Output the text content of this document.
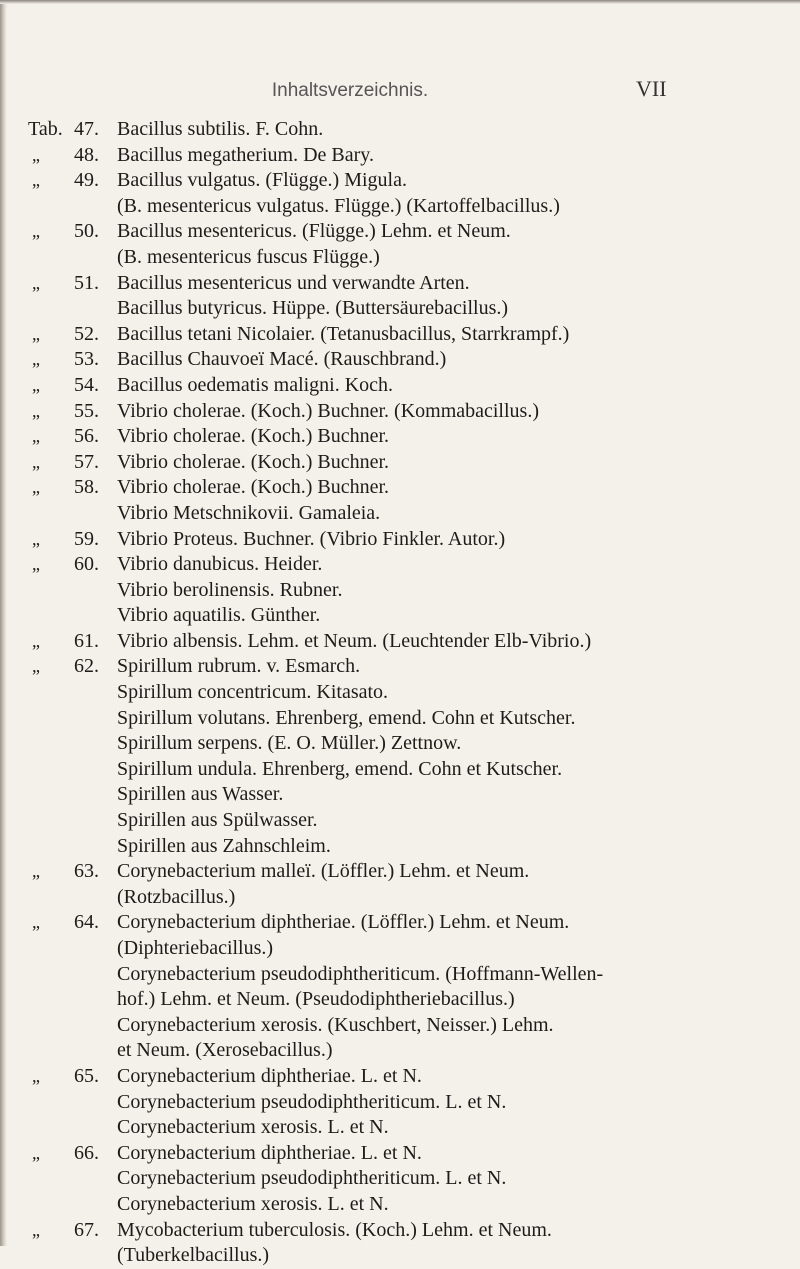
Inhaltsverzeichnis.	VII
Tab. 47. Bacillus subtilis. F. Cohn.
„ 48. Bacillus megatherium. De Bary.
„ 49. Bacillus vulgatus. (Flügge.) Migula.
(B. mesentericus vulgatus. Flügge.) (Kartoffelbacillus.)
„ 50. Bacillus mesentericus. (Flügge.) Lehm. et Neum.
(B. mesentericus fuscus Flügge.)
„ 51. Bacillus mesentericus und verwandte Arten.
Bacillus butyricus. Hüppe. (Buttersäurebacillus.)
„ 52. Bacillus tetani Nicolaier. (Tetanusbacillus, Starrkrampf.)
„ 53. Bacillus Chauvoeï Macé. (Rauschbrand.)
„ 54. Bacillus oedematis maligni. Koch.
„ 55. Vibrio cholerae. (Koch.) Buchner. (Kommabacillus.)
„ 56. Vibrio cholerae. (Koch.) Buchner.
„ 57. Vibrio cholerae. (Koch.) Buchner.
„ 58. Vibrio cholerae. (Koch.) Buchner.
Vibrio Metschnikovii. Gamaleia.
„ 59. Vibrio Proteus. Buchner. (Vibrio Finkler. Autor.)
„ 60. Vibrio danubicus. Heider.
Vibrio berolinensis. Rubner.
Vibrio aquatilis. Günther.
„ 61. Vibrio albensis. Lehm. et Neum. (Leuchtender Elb-Vibrio.)
„ 62. Spirillum rubrum. v. Esmarch.
Spirillum concentricum. Kitasato.
Spirillum volutans. Ehrenberg, emend. Cohn et Kutscher.
Spirillum serpens. (E. O. Müller.) Zettnow.
Spirillum undula. Ehrenberg, emend. Cohn et Kutscher.
Spirillen aus Wasser.
Spirillen aus Spülwasser.
Spirillen aus Zahnschleim.
„ 63. Corynebacterium malleï. (Löffler.) Lehm. et Neum.
(Rotzbacillus.)
„ 64. Corynebacterium diphtheriae. (Löffler.) Lehm. et Neum.
(Diphteriebacillus.)
Corynebacterium pseudodiphtheriticum. (Hoffmann-Wellen-
hof.) Lehm. et Neum. (Pseudodiphtheriebacillus.)
Corynebacterium xerosis. (Kuschbert, Neisser.) Lehm.
et Neum. (Xerosebacillus.)
„ 65. Corynebacterium diphtheriae. L. et N.
Corynebacterium pseudodiphtheriticum. L. et N.
Corynebacterium xerosis. L. et N.
„ 66. Corynebacterium diphtheriae. L. et N.
Corynebacterium pseudodiphtheriticum. L. et N.
Corynebacterium xerosis. L. et N.
„ 67. Mycobacterium tuberculosis. (Koch.) Lehm. et Neum.
(Tuberkelbacillus.)
